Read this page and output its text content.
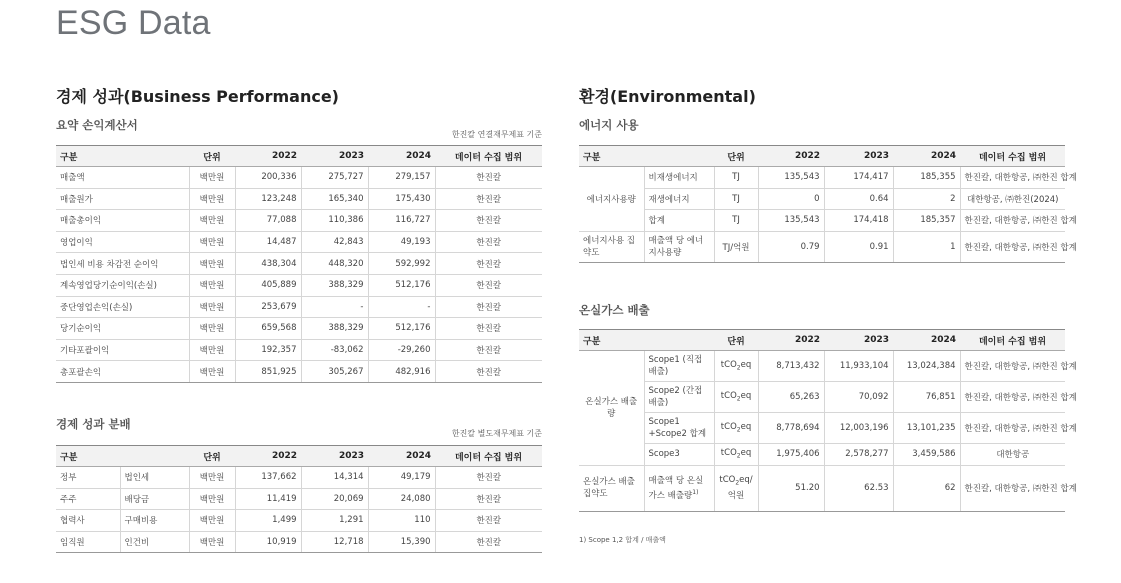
ESG Data
경제 성과(Business Performance)
요약 손익계산서
한진칼 연결재무제표 기준
구분	단위	2022	2023	2024	데이터 수집 범위
매출액	백만원	200,336	275,727	279,157	한진칼
매출원가	백만원	123,248	165,340	175,430	한진칼
매출총이익	백만원	77,088	110,386	116,727	한진칼
영업이익	백만원	14,487	42,843	49,193	한진칼
법인세 비용 차감전 순이익	백만원	438,304	448,320	592,992	한진칼
계속영업당기순이익(손실)	백만원	405,889	388,329	512,176	한진칼
중단영업손익(손실)	백만원	253,679	-	-	한진칼
당기순이익	백만원	659,568	388,329	512,176	한진칼
기타포괄이익	백만원	192,357	-83,062	-29,260	한진칼
총포괄손익	백만원	851,925	305,267	482,916	한진칼
경제 성과 분배
한진칼 별도재무제표 기준
구분		단위	2022	2023	2024	데이터 수집 범위
정부	법인세	백만원	137,662	14,314	49,179	한진칼
주주	배당금	백만원	11,419	20,069	24,080	한진칼
협력사	구매비용	백만원	1,499	1,291	110	한진칼
임직원	인건비	백만원	10,919	12,718	15,390	한진칼
환경(Environmental)
에너지 사용
구분		단위	2022	2023	2024	데이터 수집 범위
에너지사용량	비재생에너지	TJ	135,543	174,417	185,355	한진칼, 대한항공, ㈜한진 합계
	재생에너지	TJ	0	0.64	2	대한항공, ㈜한진(2024)
	합계	TJ	135,543	174,418	185,357	한진칼, 대한항공, ㈜한진 합계
에너지사용 집약도	매출액 당 에너지사용량	TJ/억원	0.79	0.91	1	한진칼, 대한항공, ㈜한진 합계
온실가스 배출
구분		단위	2022	2023	2024	데이터 수집 범위
온실가스 배출량	Scope1 (직접배출)	tCO$_2$eq	8,713,432	11,933,104	13,024,384	한진칼, 대한항공, ㈜한진 합계
	Scope2 (간접배출)	tCO$_2$eq	65,263	70,092	76,851	한진칼, 대한항공, ㈜한진 합계
	Scope1 +Scope2 합계	tCO$_2$eq	8,778,694	12,003,196	13,101,235	한진칼, 대한항공, ㈜한진 합계
	Scope3	tCO$_2$eq	1,975,406	2,578,277	3,459,586	대한항공
온실가스 배출 집약도	매출액 당 온실가스 배출량$^{1)}$	tCO$_2$eq/ 억원	51.20	62.53	62	한진칼, 대한항공, ㈜한진 합계
1) Scope 1,2 합계 / 매출액
